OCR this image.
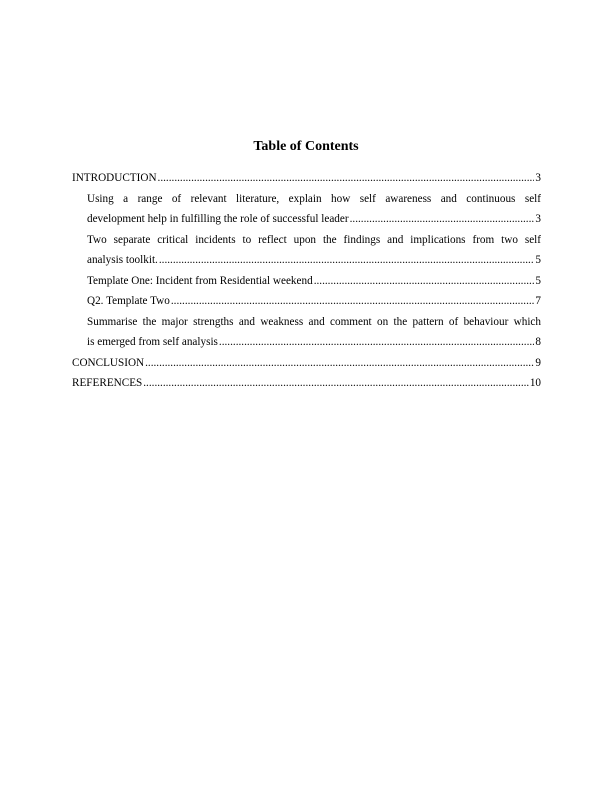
Table of Contents
INTRODUCTION .....	3
Using a range of relevant literature, explain how self awareness and continuous self
development help in fulfilling the role of successful leader .....	3
Two separate critical incidents to reflect upon the findings and implications from two self
analysis toolkit. .....	5
Template One: Incident from Residential weekend .....	5
Q2. Template Two .....	7
Summarise the major strengths and weakness and comment on the pattern of behaviour which
is emerged from self analysis .....	8
CONCLUSION .....	9
REFERENCES .....	10
